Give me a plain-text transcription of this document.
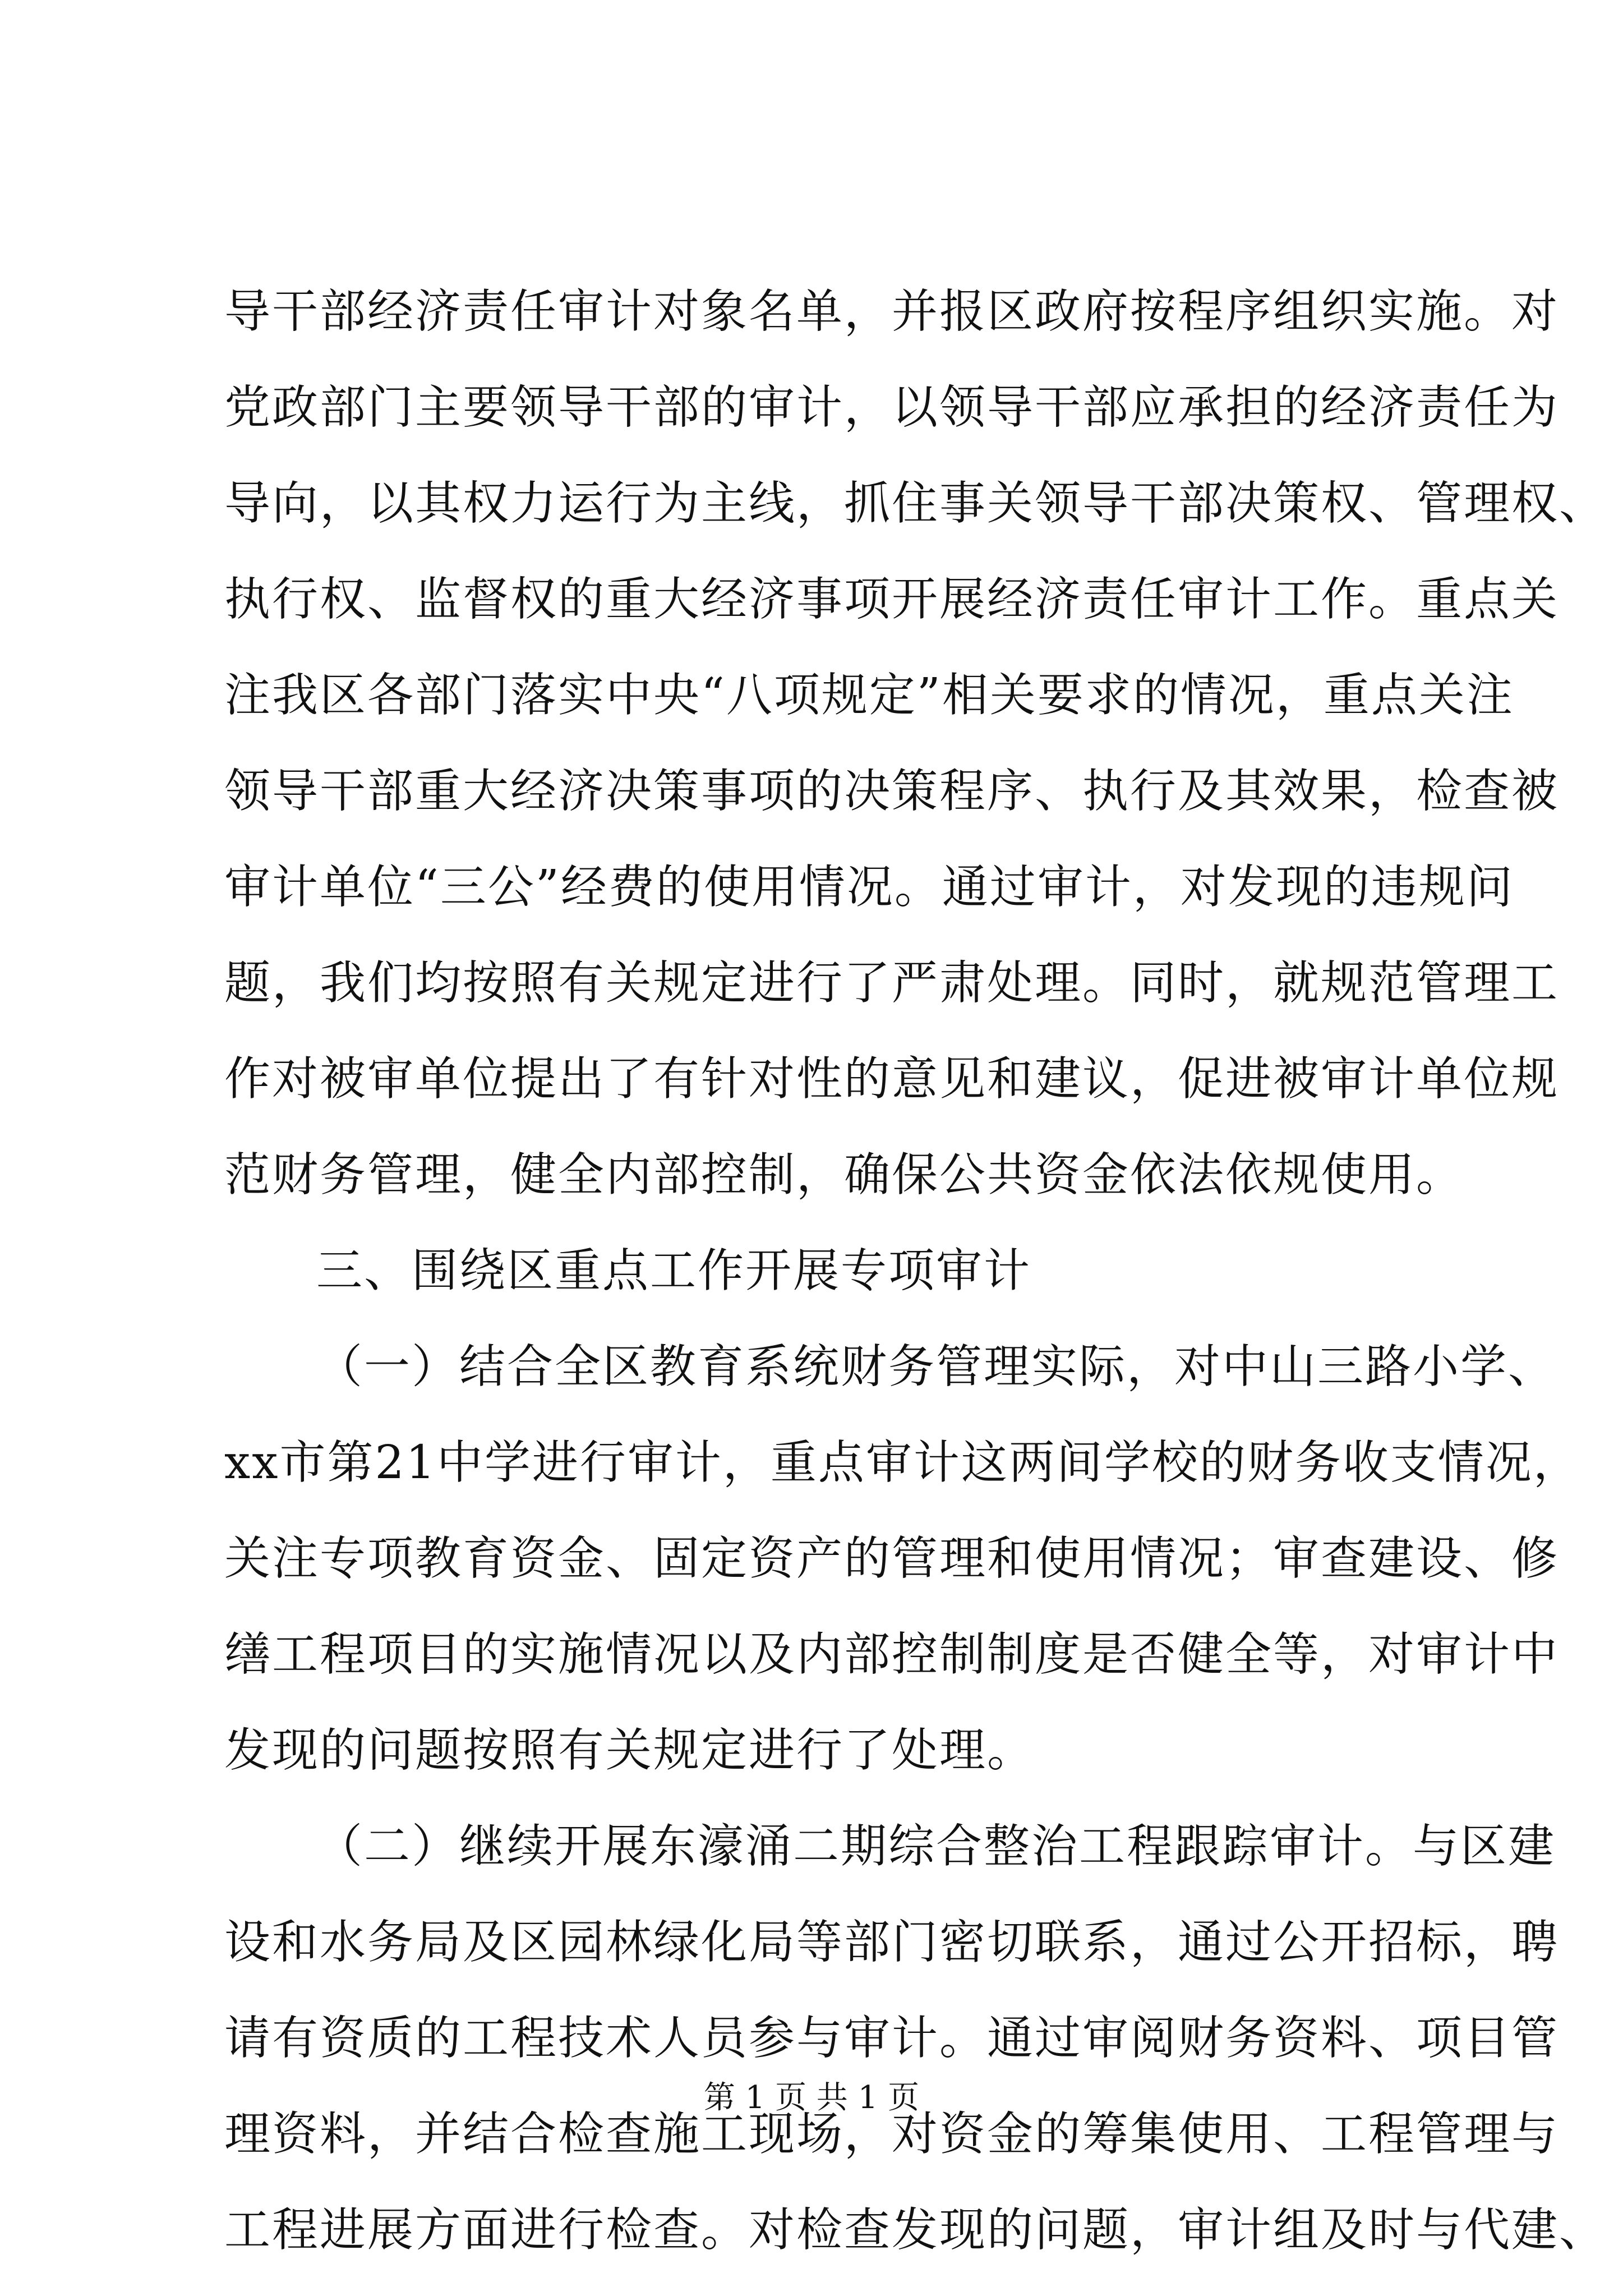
导干部经济责任审计对象名单，并报区政府按程序组织实施。对
党政部门主要领导干部的审计，以领导干部应承担的经济责任为
导向，以其权力运行为主线，抓住事关领导干部决策权、管理权、
执行权、监督权的重大经济事项开展经济责任审计工作。重点关
注我区各部门落实中央“八项规定”相关要求的情况，重点关注
领导干部重大经济决策事项的决策程序、执行及其效果，检查被
审计单位“三公”经费的使用情况。通过审计，对发现的违规问
题，我们均按照有关规定进行了严肃处理。同时，就规范管理工
作对被审单位提出了有针对性的意见和建议，促进被审计单位规
范财务管理，健全内部控制，确保公共资金依法依规使用。
三、围绕区重点工作开展专项审计
（一）结合全区教育系统财务管理实际，对中山三路小学、
xx市第21中学进行审计，重点审计这两间学校的财务收支情况，
关注专项教育资金、固定资产的管理和使用情况；审查建设、修
缮工程项目的实施情况以及内部控制制度是否健全等，对审计中
发现的问题按照有关规定进行了处理。
（二）继续开展东濠涌二期综合整治工程跟踪审计。与区建
设和水务局及区园林绿化局等部门密切联系，通过公开招标，聘
请有资质的工程技术人员参与审计。通过审阅财务资料、项目管
理资料，并结合检查施工现场，对资金的筹集使用、工程管理与
工程进展方面进行检查。对检查发现的问题，审计组及时与代建、
第 1 页 共 1 页
